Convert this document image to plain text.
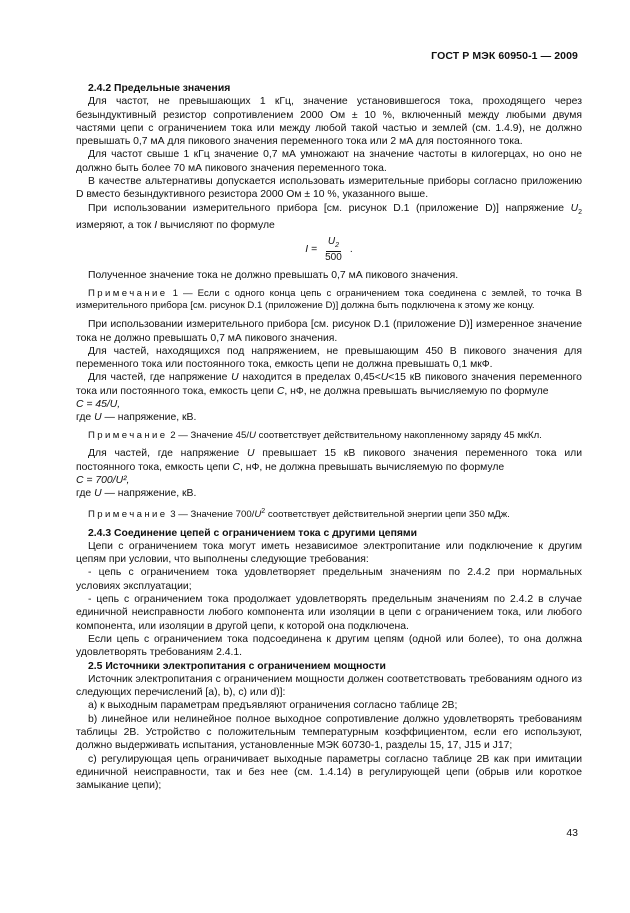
ГОСТ Р МЭК 60950-1 — 2009

2.4.2 Предельные значения

Для частот, не превышающих 1 кГц, значение установившегося тока, проходящего через безындуктивный резистор сопротивлением 2000 Ом ± 10 %, включенный между любыми двумя частями цепи с ограничением тока или между любой такой частью и землей (см. 1.4.9), не должно превышать 0,7 мА для пикового значения переменного тока или 2 мА для постоянного тока.

Для частот свыше 1 кГц значение 0,7 мА умножают на значение частоты в килогерцах, но оно не должно быть более 70 мА пикового значения переменного тока.

В качестве альтернативы допускается использовать измерительные приборы согласно приложению D вместо безындуктивного резистора 2000 Ом ± 10 %, указанного выше.

При использовании измерительного прибора [см. рисунок D.1 (приложение D)] напряжение $U_2$ измеряют, а ток I вычисляют по формуле

$I = \frac{U_2}{500}$ .

Полученное значение тока не должно превышать 0,7 мА пикового значения.

Примечание 1 — Если с одного конца цепь с ограничением тока соединена с землей, то точка B измерительного прибора [см. рисунок D.1 (приложение D)] должна быть подключена к этому же концу.

При использовании измерительного прибора [см. рисунок D.1 (приложение D)] измеренное значение тока не должно превышать 0,7 мА пикового значения.

Для частей, находящихся под напряжением, не превышающим 450 В пикового значения для переменного тока или постоянного тока, емкость цепи не должна превышать 0,1 мкФ.

Для частей, где напряжение U находится в пределах 0,45<U<15 кВ пикового значения переменного тока или постоянного тока, емкость цепи C, нФ, не должна превышать вычисляемую по формуле

C = 45/U,

где U — напряжение, кВ.

Примечание 2 — Значение 45/U соответствует действительному накопленному заряду 45 мкКл.

Для частей, где напряжение U превышает 15 кВ пикового значения переменного тока или постоянного тока, емкость цепи C, нФ, не должна превышать вычисляемую по формуле

C = 700/U²,

где U — напряжение, кВ.

Примечание 3 — Значение $700/U^2$ соответствует действительной энергии цепи 350 мДж.

2.4.3 Соединение цепей с ограничением тока с другими цепями

Цепи с ограничением тока могут иметь независимое электропитание или подключение к другим цепям при условии, что выполнены следующие требования:

- цепь с ограничением тока удовлетворяет предельным значениям по 2.4.2 при нормальных условиях эксплуатации;

- цепь с ограничением тока продолжает удовлетворять предельным значениям по 2.4.2 в случае единичной неисправности любого компонента или изоляции в цепи с ограничением тока, или любого компонента, или изоляции в другой цепи, к которой она подключена.

Если цепь с ограничением тока подсоединена к другим цепям (одной или более), то она должна удовлетворять требованиям 2.4.1.

2.5 Источники электропитания с ограничением мощности

Источник электропитания с ограничением мощности должен соответствовать требованиям одного из следующих перечислений [a), b), c) или d)]:

a) к выходным параметрам предъявляют ограничения согласно таблице 2B;

b) линейное или нелинейное полное выходное сопротивление должно удовлетворять требованиям таблицы 2B. Устройство с положительным температурным коэффициентом, если его используют, должно выдерживать испытания, установленные МЭК 60730-1, разделы 15, 17, J15 и J17;

c) регулирующая цепь ограничивает выходные параметры согласно таблице 2B как при имитации единичной неисправности, так и без нее (см. 1.4.14) в регулирующей цепи (обрыв или короткое замыкание цепи);

43
